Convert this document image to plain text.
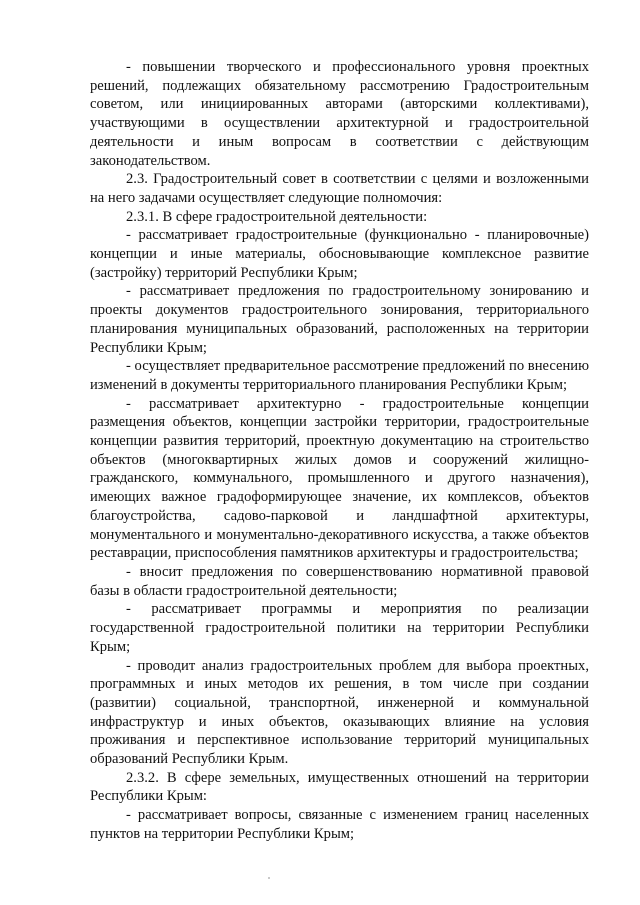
- повышении творческого и профессионального уровня проектных решений, подлежащих обязательному рассмотрению Градостроительным советом, или инициированных авторами (авторскими коллективами), участвующими в осуществлении архитектурной и градостроительной деятельности и иным вопросам в соответствии с действующим законодательством.

2.3. Градостроительный совет в соответствии с целями и возложенными на него задачами осуществляет следующие полномочия:

2.3.1. В сфере градостроительной деятельности:

- рассматривает градостроительные (функционально - планировочные) концепции и иные материалы, обосновывающие комплексное развитие (застройку) территорий Республики Крым;

- рассматривает предложения по градостроительному зонированию и проекты документов градостроительного зонирования, территориального планирования муниципальных образований, расположенных на территории Республики Крым;

- осуществляет предварительное рассмотрение предложений по внесению изменений в документы территориального планирования Республики Крым;

- рассматривает архитектурно - градостроительные концепции размещения объектов, концепции застройки территории, градостроительные концепции развития территорий, проектную документацию на строительство объектов (многоквартирных жилых домов и сооружений жилищно-гражданского, коммунального, промышленного и другого назначения), имеющих важное градоформирующее значение, их комплексов, объектов благоустройства, садово-парковой и ландшафтной архитектуры, монументального и монументально-декоративного искусства, а также объектов реставрации, приспособления памятников архитектуры и градостроительства;

- вносит предложения по совершенствованию нормативной правовой базы в области градостроительной деятельности;

- рассматривает программы и мероприятия по реализации государственной градостроительной политики на территории Республики Крым;

- проводит анализ градостроительных проблем для выбора проектных, программных и иных методов их решения, в том числе при создании (развитии) социальной, транспортной, инженерной и коммунальной инфраструктур и иных объектов, оказывающих влияние на условия проживания и перспективное использование территорий муниципальных образований Республики Крым.

2.3.2. В сфере земельных, имущественных отношений на территории Республики Крым:

- рассматривает вопросы, связанные с изменением границ населенных пунктов на территории Республики Крым;
